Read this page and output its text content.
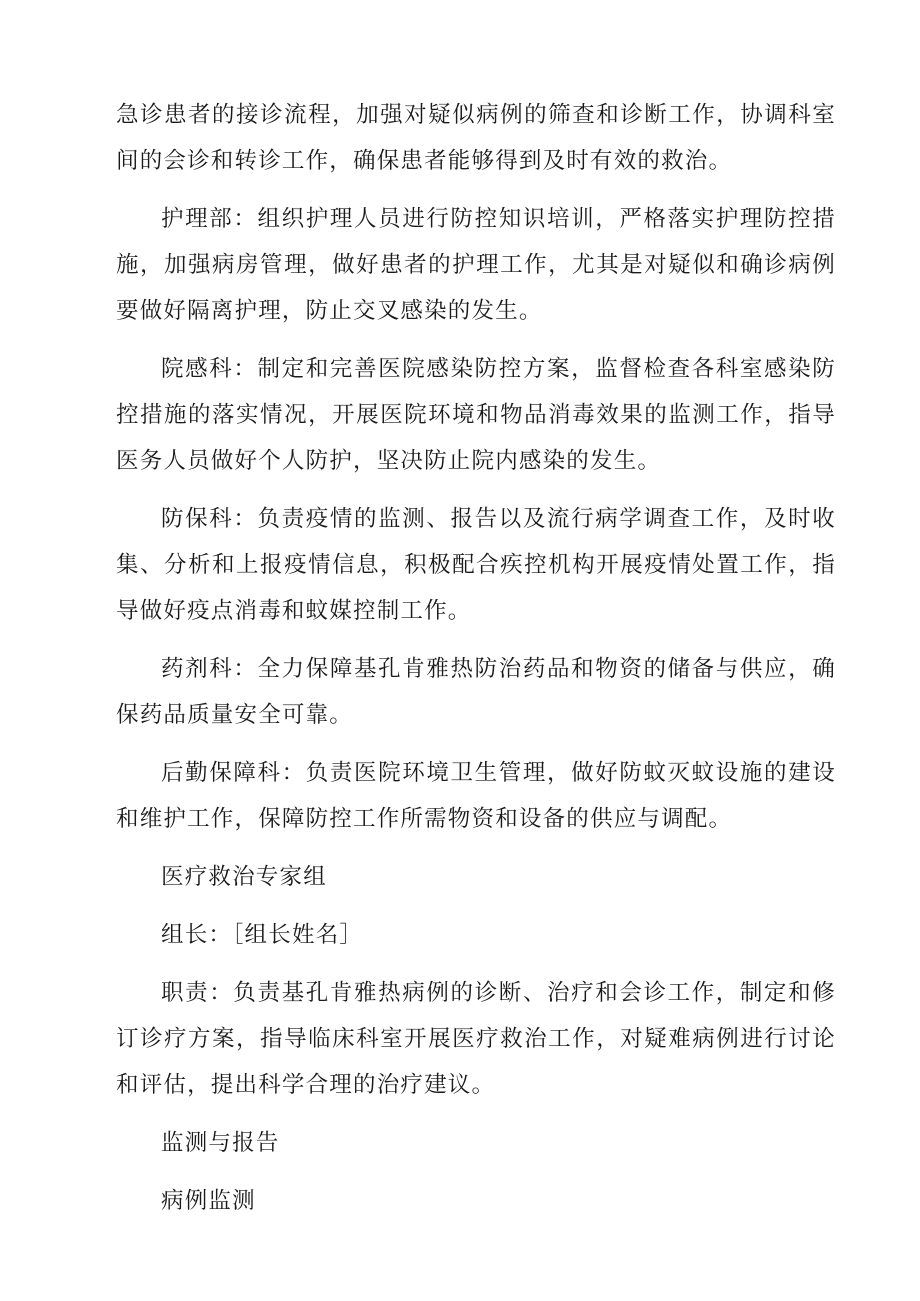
急诊患者的接诊流程，加强对疑似病例的筛查和诊断工作，协调科室间的会诊和转诊工作，确保患者能够得到及时有效的救治。

护理部：组织护理人员进行防控知识培训，严格落实护理防控措施，加强病房管理，做好患者的护理工作，尤其是对疑似和确诊病例要做好隔离护理，防止交叉感染的发生。

院感科：制定和完善医院感染防控方案，监督检查各科室感染防控措施的落实情况，开展医院环境和物品消毒效果的监测工作，指导医务人员做好个人防护，坚决防止院内感染的发生。

防保科：负责疫情的监测、报告以及流行病学调查工作，及时收集、分析和上报疫情信息，积极配合疾控机构开展疫情处置工作，指导做好疫点消毒和蚊媒控制工作。

药剂科：全力保障基孔肯雅热防治药品和物资的储备与供应，确保药品质量安全可靠。

后勤保障科：负责医院环境卫生管理，做好防蚊灭蚊设施的建设和维护工作，保障防控工作所需物资和设备的供应与调配。

医疗救治专家组

组长：［组长姓名］

职责：负责基孔肯雅热病例的诊断、治疗和会诊工作，制定和修订诊疗方案，指导临床科室开展医疗救治工作，对疑难病例进行讨论和评估，提出科学合理的治疗建议。

监测与报告

病例监测
